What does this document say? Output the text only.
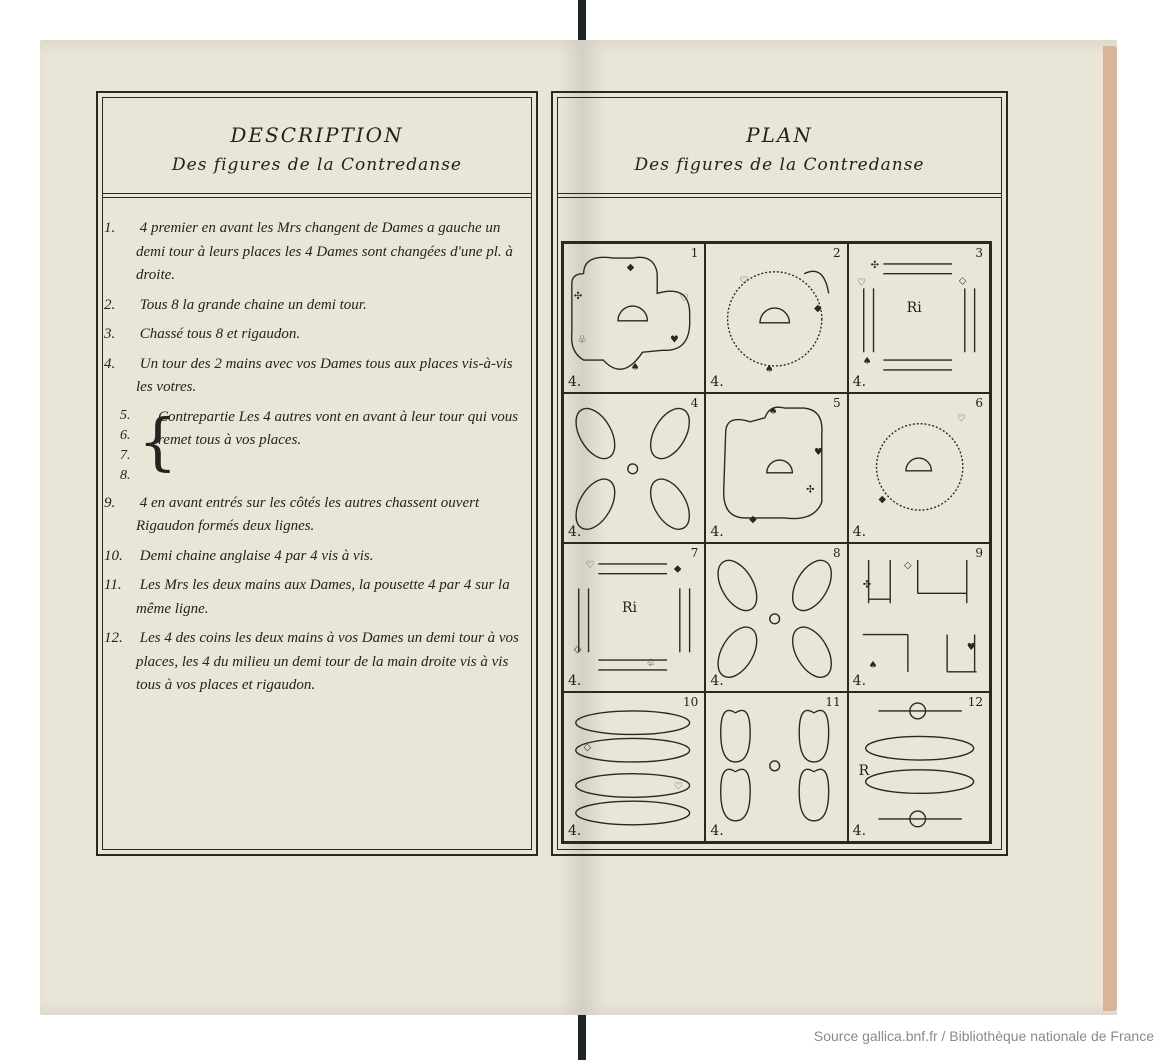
DESCRIPTION
Des figures de la Contredanse
1. 4 premier en avant les Mrs changent de Dames a gauche un demi tour à leurs places les 4 Dames sont changées d'une pl. à droite.
2. Tous 8 la grande chaine un demi tour.
3. Chassé tous 8 et rigaudon.
4. Un tour des 2 mains avec vos Dames tous aux places vis-à-vis les votres.
5.
6.
7.
8. {
Contrepartie Les 4 autres vont en avant à leur tour qui vous remet tous à vos places.
9. 4 en avant entrés sur les côtés les autres chassent ouvert Rigaudon formés deux lignes.
10. Demi chaine anglaise 4 par 4 vis à vis.
11. Les Mrs les deux mains aux Dames, la pousette 4 par 4 sur la même ligne.
12. Les 4 des coins les deux mains à vos Dames un demi tour à vos places, les 4 du milieu un demi tour de la main droite vis à vis tous à vos places et rigaudon.
PLAN
Des figures de la Contredanse
✣
◆
♡
♥
♠
♧
1
4.
◆
♡
♠
2
4.
✣
◇
♡
♠
Ri
3
4.
4
4.
♠
♥
✣
◆
5
4.
♡
◆
6
4.
♡	◆
◇
♧
Ri
7
4.
8
4.
◇
✣
♥
♠
9
4.
◇
♡
10
4.
11
4.
R
12
4.
Source gallica.bnf.fr / Bibliothèque nationale de France
